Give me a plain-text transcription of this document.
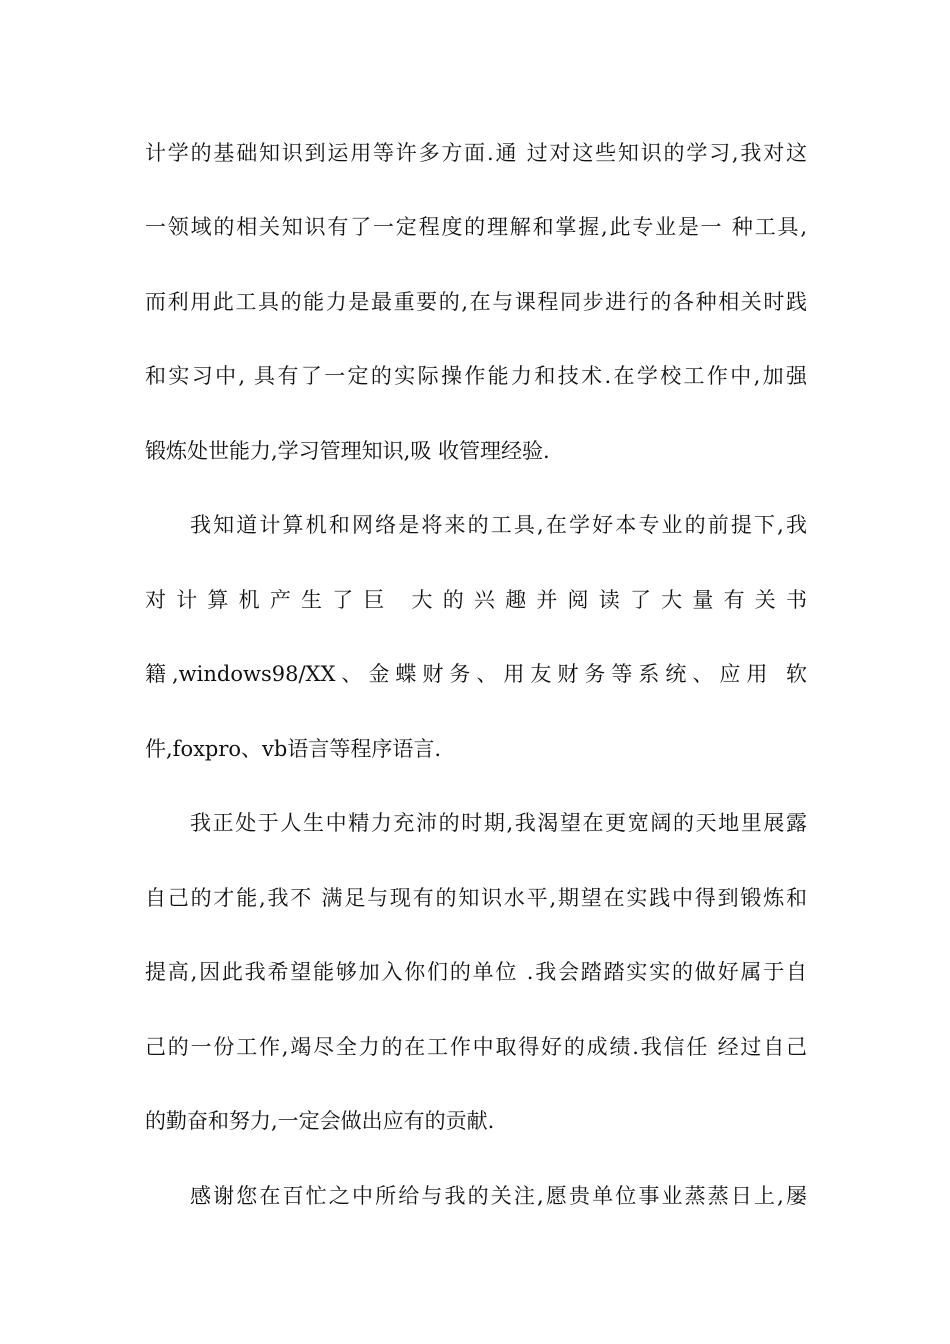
计学的基础知识到运用等许多方面.通 过对这些知识的学习,我对这

一领域的相关知识有了一定程度的理解和掌握,此专业是一 种工具,

而利用此工具的能力是最重要的,在与课程同步进行的各种相关时践

和实习中, 具有了一定的实际操作能力和技术.在学校工作中,加强

锻炼处世能力,学习管理知识,吸 收管理经验.

我知道计算机和网络是将来的工具,在学好本专业的前提下,我

对计算机产生了巨 大的兴趣并阅读了大量有关书

籍,windows98/XX、金蝶财务、用友财务等系统、应用 软

件,foxpro、vb语言等程序语言.

我正处于人生中精力充沛的时期,我渴望在更宽阔的天地里展露

自己的才能,我不 满足与现有的知识水平,期望在实践中得到锻炼和

提高,因此我希望能够加入你们的单位 .我会踏踏实实的做好属于自

己的一份工作,竭尽全力的在工作中取得好的成绩.我信任 经过自己

的勤奋和努力,一定会做出应有的贡献.

感谢您在百忙之中所给与我的关注,愿贵单位事业蒸蒸日上,屡
